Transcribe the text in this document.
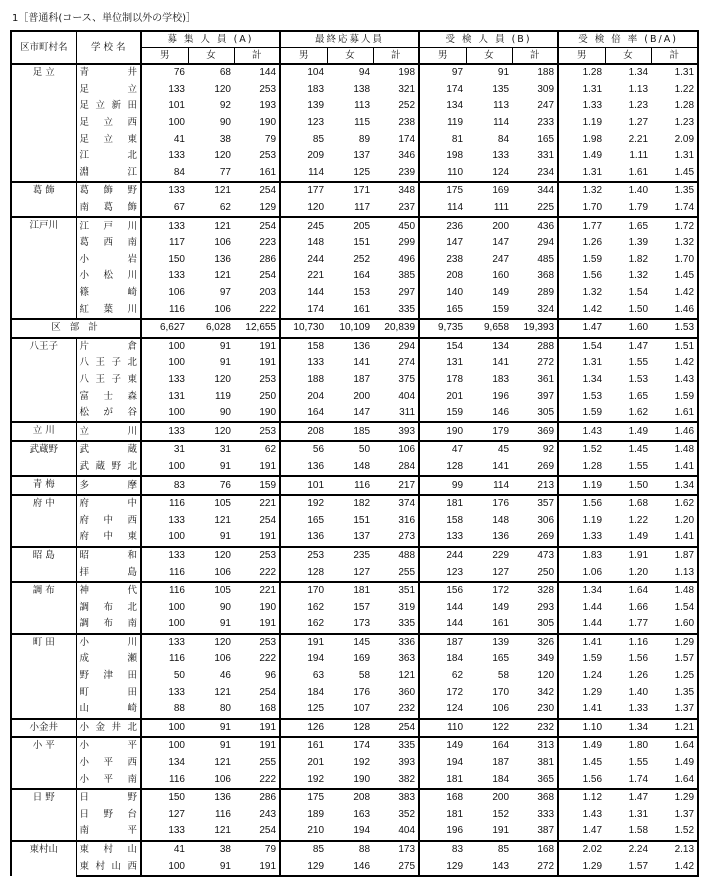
1［普通科(コース、単位制以外の学校)］
区市町村名	学 校 名	募 集 人 員 (A)			最終応募人員			受 検 人 員 (B)			受 検 倍 率 (B/A)		
		男	女	計	男	女	計	男	女	計	男	女	計
足 立	青井	76	68	144	104	94	198	97	91	188	1.28	1.34	1.31

	足立	133	120	253	183	138	321	174	135	309	1.31	1.13	1.22

	足立新田	101	92	193	139	113	252	134	113	247	1.33	1.23	1.28

	足立西	100	90	190	123	115	238	119	114	233	1.19	1.27	1.23

	足立東	41	38	79	85	89	174	81	84	165	1.98	2.21	2.09

	江北	133	120	253	209	137	346	198	133	331	1.49	1.11	1.31

	淵江	84	77	161	114	125	239	110	124	234	1.31	1.61	1.45
葛 飾	葛飾野	133	121	254	177	171	348	175	169	344	1.32	1.40	1.35

	南葛飾	67	62	129	120	117	237	114	111	225	1.70	1.79	1.74
江戸川	江戸川	133	121	254	245	205	450	236	200	436	1.77	1.65	1.72

	葛西南	117	106	223	148	151	299	147	147	294	1.26	1.39	1.32

	小岩	150	136	286	244	252	496	238	247	485	1.59	1.82	1.70

	小松川	133	121	254	221	164	385	208	160	368	1.56	1.32	1.45

	篠崎	106	97	203	144	153	297	140	149	289	1.32	1.54	1.42

	紅葉川	116	106	222	174	161	335	165	159	324	1.42	1.50	1.46
区 部 計		6,627	6,028	12,655	10,730	10,109	20,839	9,735	9,658	19,393	1.47	1.60	1.53
八王子	片倉	100	91	191	158	136	294	154	134	288	1.54	1.47	1.51

	八王子北	100	91	191	133	141	274	131	141	272	1.31	1.55	1.42

	八王子東	133	120	253	188	187	375	178	183	361	1.34	1.53	1.43

	富士森	131	119	250	204	200	404	201	196	397	1.53	1.65	1.59

	松が谷	100	90	190	164	147	311	159	146	305	1.59	1.62	1.61
立 川	立川	133	120	253	208	185	393	190	179	369	1.43	1.49	1.46
武蔵野	武蔵	31	31	62	56	50	106	47	45	92	1.52	1.45	1.48

	武蔵野北	100	91	191	136	148	284	128	141	269	1.28	1.55	1.41
青 梅	多摩	83	76	159	101	116	217	99	114	213	1.19	1.50	1.34
府 中	府中	116	105	221	192	182	374	181	176	357	1.56	1.68	1.62

	府中西	133	121	254	165	151	316	158	148	306	1.19	1.22	1.20

	府中東	100	91	191	136	137	273	133	136	269	1.33	1.49	1.41
昭 島	昭和	133	120	253	253	235	488	244	229	473	1.83	1.91	1.87

	拝島	116	106	222	128	127	255	123	127	250	1.06	1.20	1.13
調 布	神代	116	105	221	170	181	351	156	172	328	1.34	1.64	1.48

	調布北	100	90	190	162	157	319	144	149	293	1.44	1.66	1.54

	調布南	100	91	191	162	173	335	144	161	305	1.44	1.77	1.60
町 田	小川	133	120	253	191	145	336	187	139	326	1.41	1.16	1.29

	成瀬	116	106	222	194	169	363	184	165	349	1.59	1.56	1.57

	野津田	50	46	96	63	58	121	62	58	120	1.24	1.26	1.25

	町田	133	121	254	184	176	360	172	170	342	1.29	1.40	1.35

	山崎	88	80	168	125	107	232	124	106	230	1.41	1.33	1.37
小金井	小金井北	100	91	191	126	128	254	110	122	232	1.10	1.34	1.21
小 平	小平	100	91	191	161	174	335	149	164	313	1.49	1.80	1.64

	小平西	134	121	255	201	192	393	194	187	381	1.45	1.55	1.49

	小平南	116	106	222	192	190	382	181	184	365	1.56	1.74	1.64
日 野	日野	150	136	286	175	208	383	168	200	368	1.12	1.47	1.29

	日野台	127	116	243	189	163	352	181	152	333	1.43	1.31	1.37

	南平	133	121	254	210	194	404	196	191	387	1.47	1.58	1.52
東村山	東村山	41	38	79	85	88	173	83	85	168	2.02	2.24	2.13

	東村山西	100	91	191	129	146	275	129	143	272	1.29	1.57	1.42
